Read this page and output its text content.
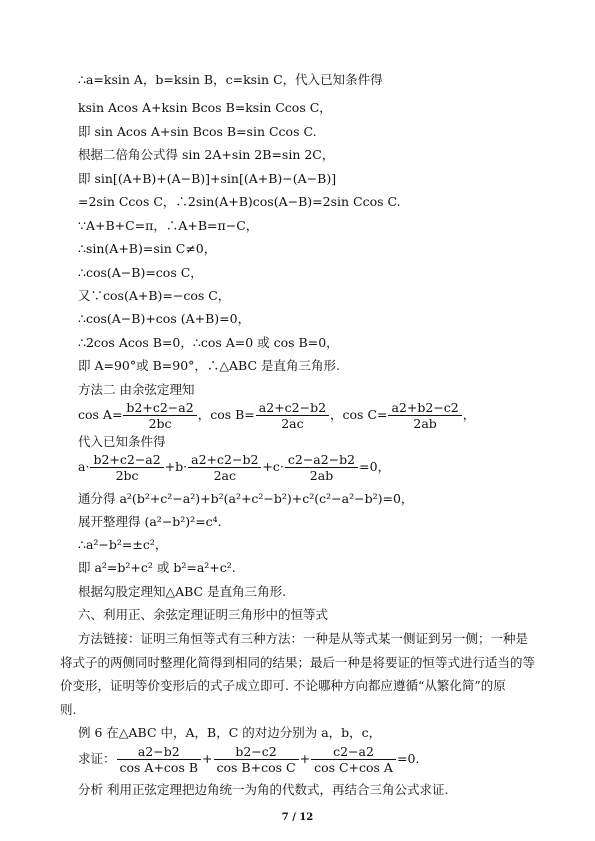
∴a=ksin A，b=ksin B，c=ksin C，代入已知条件得
ksin Acos A+ksin Bcos B=ksin Ccos C，
即 sin Acos A+sin Bcos B=sin Ccos C.
根据二倍角公式得 sin 2A+sin 2B=sin 2C，
即 sin[(A+B)+(A−B)]+sin[(A+B)−(A−B)]
=2sin Ccos C，∴2sin(A+B)cos(A−B)=2sin Ccos C.
∵A+B+C=π，∴A+B=π−C，
∴sin(A+B)=sin C≠0，
∴cos(A−B)=cos C，
又∵cos(A+B)=−cos C，
∴cos(A−B)+cos (A+B)=0，
∴2cos Acos B=0，∴cos A=0 或 cos B=0，
即 A=90°或 B=90°，∴△ABC 是直角三角形.
方法二 由余弦定理知
$\cos A= \frac{b2+c2-a2}{2bc}$ ，$\cos B= \frac{a2+c2-b2}{2ac}$ ，$\cos C= \frac{a2+b2-c2}{2ab}$ ，
代入已知条件得
$a\cdot \frac{b2+c2-a2}{2bc} +b\cdot \frac{a2+c2-b2}{2ac} +c\cdot \frac{c2-a2-b2}{2ab} =0$，
通分得 a²(b²+c²−a²)+b²(a²+c²−b²)+c²(c²−a²−b²)=0，
展开整理得 (a²−b²)²=c⁴.
∴a²−b²=±c²，
即 a²=b²+c² 或 b²=a²+c².
根据勾股定理知△ABC 是直角三角形.
六、利用正、余弦定理证明三角形中的恒等式
方法链接：证明三角恒等式有三种方法：一种是从等式某一侧证到另一侧；一种是
将式子的两侧同时整理化简得到相同的结果；最后一种是将要证的恒等式进行适当的等
价变形，证明等价变形后的式子成立即可. 不论哪种方向都应遵循“从繁化简”的原
则.
例 6 在△ABC 中，A，B，C 的对边分别为 a，b，c，
求证： $\frac{a2-b2}{\text{cos A+cos B}} + \frac{b2-c2}{\text{cos B+cos C}} + \frac{c2-a2}{\text{cos C+cos A}} =0$.
分析 利用正弦定理把边角统一为角的代数式，再结合三角公式求证.
7 / 12
